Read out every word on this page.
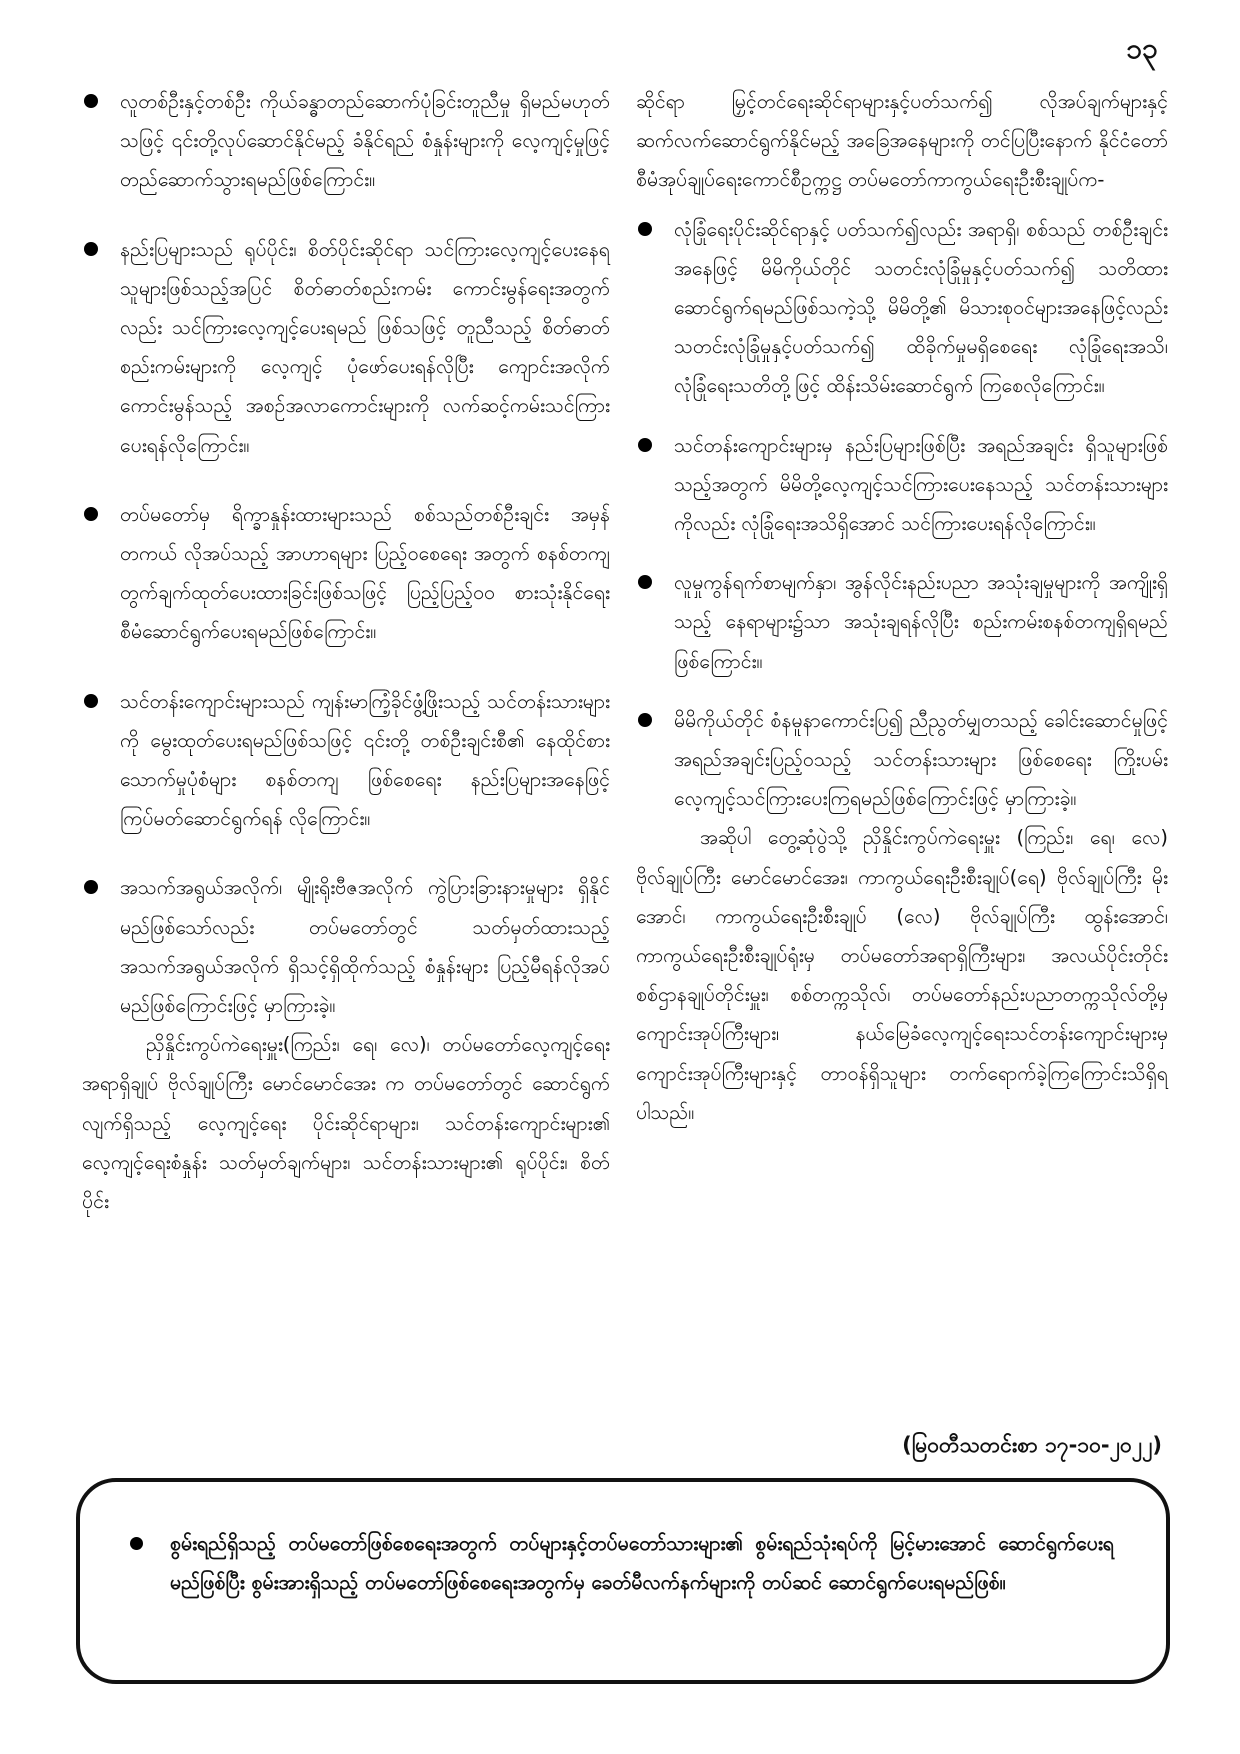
၁၃
လူတစ်ဦးနှင့်တစ်ဦး ကိုယ်ခန္ဓာတည်ဆောက်ပုံခြင်းတူညီမှု ရှိမည်မဟုတ်သဖြင့် ၎င်းတို့လုပ်ဆောင်နိုင်မည့် ခံနိုင်ရည် စံနှုန်းများကို လေ့ကျင့်မှုဖြင့် တည်ဆောက်သွားရမည်ဖြစ်ကြောင်း။
နည်းပြများသည် ရုပ်ပိုင်း၊ စိတ်ပိုင်းဆိုင်ရာ သင်ကြားလေ့ကျင့်ပေးနေရသူများဖြစ်သည့်အပြင် စိတ်ဓာတ်စည်းကမ်း ကောင်းမွန်ရေးအတွက်လည်း သင်ကြားလေ့ကျင့်ပေးရမည် ဖြစ်သဖြင့် တူညီသည့် စိတ်ဓာတ်စည်းကမ်းများကို လေ့ကျင့် ပုံဖော်ပေးရန်လိုပြီး ကျောင်းအလိုက် ကောင်းမွန်သည့် အစဉ်အလာကောင်းများကို လက်ဆင့်ကမ်းသင်ကြားပေးရန်လိုကြောင်း။
တပ်မတော်မှ ရိက္ခာနှုန်းထားများသည် စစ်သည်တစ်ဦးချင်း အမှန်တကယ် လိုအပ်သည့် အာဟာရများ ပြည့်ဝစေရေး အတွက် စနစ်တကျ တွက်ချက်ထုတ်ပေးထားခြင်းဖြစ်သဖြင့် ပြည့်ပြည့်ဝဝ စားသုံးနိုင်ရေး စီမံဆောင်ရွက်ပေးရမည်ဖြစ်ကြောင်း။
သင်တန်းကျောင်းများသည် ကျန်းမာကြံ့ခိုင်ဖွံ့ဖြိုးသည့် သင်တန်းသားများကို မွေးထုတ်ပေးရမည်ဖြစ်သဖြင့် ၎င်းတို့ တစ်ဦးချင်းစီ၏ နေထိုင်စားသောက်မှုပုံစံများ စနစ်တကျ ဖြစ်စေရေး နည်းပြများအနေဖြင့် ကြပ်မတ်ဆောင်ရွက်ရန် လိုကြောင်း။
အသက်အရွယ်အလိုက်၊ မျိုးရိုးဗီဇအလိုက် ကွဲပြားခြားနားမှုများ ရှိနိုင်မည်ဖြစ်သော်လည်း တပ်မတော်တွင် သတ်မှတ်ထားသည့် အသက်အရွယ်အလိုက် ရှိသင့်ရှိထိုက်သည့် စံနှုန်းများ ပြည့်မီရန်လိုအပ်မည်ဖြစ်ကြောင်းဖြင့် မှာကြားခဲ့။

ညှိနှိုင်းကွပ်ကဲရေးမှူး(ကြည်း၊ ရေ၊ လေ)၊ တပ်မတော်လေ့ကျင့်ရေးအရာရှိချုပ် ဗိုလ်ချုပ်ကြီး မောင်မောင်အေး က တပ်မတော်တွင် ဆောင်ရွက်လျက်ရှိသည့် လေ့ကျင့်ရေး ပိုင်းဆိုင်ရာများ၊ သင်တန်းကျောင်းများ၏ လေ့ကျင့်ရေးစံနှုန်း သတ်မှတ်ချက်များ၊ သင်တန်းသားများ၏ ရုပ်ပိုင်း၊ စိတ်ပိုင်း

ဆိုင်ရာ မြှင့်တင်ရေးဆိုင်ရာများနှင့်ပတ်သက်၍ လိုအပ်ချက်များနှင့် ဆက်လက်ဆောင်ရွက်နိုင်မည့် အခြေအနေများကို တင်ပြပြီးနောက် နိုင်ငံတော်စီမံအုပ်ချုပ်ရေးကောင်စီဥက္ကဋ္ဌ တပ်မတော်ကာကွယ်ရေးဦးစီးချုပ်က-

လုံခြုံရေးပိုင်းဆိုင်ရာနှင့် ပတ်သက်၍လည်း အရာရှိ၊ စစ်သည် တစ်ဦးချင်းအနေဖြင့် မိမိကိုယ်တိုင် သတင်းလုံခြုံမှုနှင့်ပတ်သက်၍ သတိထားဆောင်ရွက်ရမည်ဖြစ်သကဲ့သို့ မိမိတို့၏ မိသားစုဝင်များအနေဖြင့်လည်း သတင်းလုံခြုံမှုနှင့်ပတ်သက်၍ ထိခိုက်မှုမရှိစေရေး လုံခြုံရေးအသိ၊ လုံခြုံရေးသတိတို့ဖြင့် ထိန်းသိမ်းဆောင်ရွက် ကြစေလိုကြောင်း။
သင်တန်းကျောင်းများမှ နည်းပြများဖြစ်ပြီး အရည်အချင်း ရှိသူများဖြစ်သည့်အတွက် မိမိတို့လေ့ကျင့်သင်ကြားပေးနေသည့် သင်တန်းသားများကိုလည်း လုံခြုံရေးအသိရှိအောင် သင်ကြားပေးရန်လိုကြောင်း။
လူမှုကွန်ရက်စာမျက်နှာ၊ အွန်လိုင်းနည်းပညာ အသုံးချမှုများကို အကျိုးရှိသည့် နေရာများ၌သာ အသုံးချရန်လိုပြီး စည်းကမ်းစနစ်တကျရှိရမည်ဖြစ်ကြောင်း။
မိမိကိုယ်တိုင် စံနမူနာကောင်းပြ၍ ညီညွတ်မျှတသည့် ခေါင်းဆောင်မှုဖြင့် အရည်အချင်းပြည့်ဝသည့် သင်တန်းသားများ ဖြစ်စေရေး ကြိုးပမ်းလေ့ကျင့်သင်ကြားပေးကြရမည်ဖြစ်ကြောင်းဖြင့် မှာကြားခဲ့။

အဆိုပါ တွေ့ဆုံပွဲသို့ ညှိနှိုင်းကွပ်ကဲရေးမှူး (ကြည်း၊ ရေ၊ လေ) ဗိုလ်ချုပ်ကြီး မောင်မောင်အေး၊ ကာကွယ်ရေးဦးစီးချုပ်(ရေ) ဗိုလ်ချုပ်ကြီး မိုးအောင်၊ ကာကွယ်ရေးဦးစီးချုပ် (လေ) ဗိုလ်ချုပ်ကြီး ထွန်းအောင်၊ ကာကွယ်ရေးဦးစီးချုပ်ရုံးမှ တပ်မတော်အရာရှိကြီးများ၊ အလယ်ပိုင်းတိုင်းစစ်ဌာနချုပ်တိုင်းမှူး၊ စစ်တက္ကသိုလ်၊ တပ်မတော်နည်းပညာတက္ကသိုလ်တို့မှ ကျောင်းအုပ်ကြီးများ၊ နယ်မြေခံလေ့ကျင့်ရေးသင်တန်းကျောင်းများမှ ကျောင်းအုပ်ကြီးများနှင့် တာဝန်ရှိသူများ တက်ရောက်ခဲ့ကြကြောင်းသိရှိရပါသည်။

(မြဝတီသတင်းစာ ၁၇-၁၀-၂၀၂၂)
စွမ်းရည်ရှိသည့် တပ်မတော်ဖြစ်စေရေးအတွက် တပ်များနှင့်တပ်မတော်သားများ၏ စွမ်းရည်သုံးရပ်ကို မြင့်မားအောင် ဆောင်ရွက်ပေးရမည်ဖြစ်ပြီး စွမ်းအားရှိသည့် တပ်မတော်ဖြစ်စေရေးအတွက်မှ ခေတ်မီလက်နက်များကို တပ်ဆင် ဆောင်ရွက်ပေးရမည်ဖြစ်။
